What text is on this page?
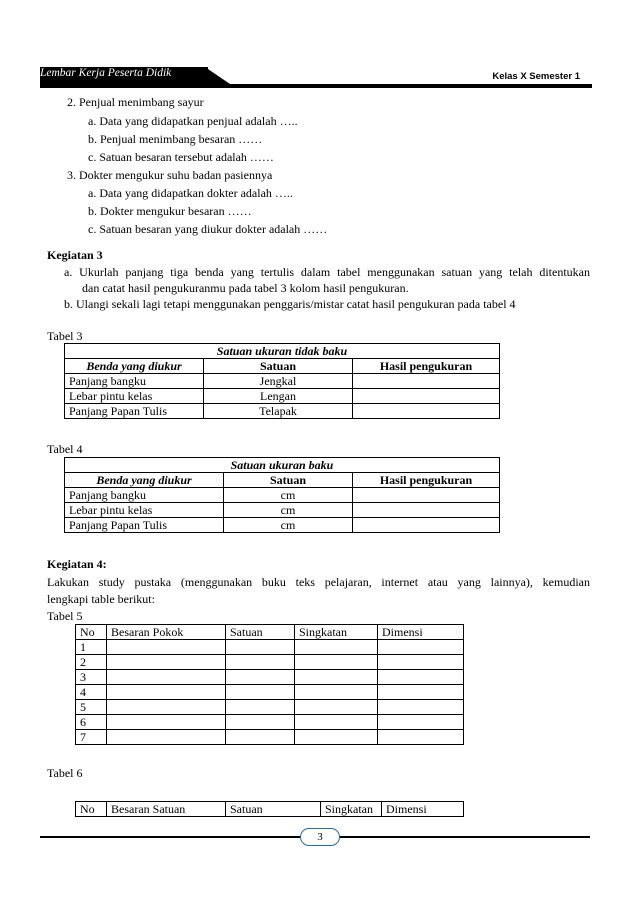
Lembar Kerja Peserta Didik	Kelas X Semester 1
2. Penjual menimbang sayur
a. Data yang didapatkan penjual adalah …..
b. Penjual menimbang besaran ……
c. Satuan besaran tersebut adalah ……
3. Dokter mengukur suhu badan pasiennya
a. Data yang didapatkan dokter adalah …..
b. Dokter mengukur besaran ……
c. Satuan besaran yang diukur dokter adalah ……
Kegiatan 3
a. Ukurlah panjang tiga benda yang tertulis dalam tabel menggunakan satuan yang telah ditentukan
dan catat hasil pengukuranmu pada tabel 3 kolom hasil pengukuran.
b. Ulangi sekali lagi tetapi menggunakan penggaris/mistar catat hasil pengukuran pada tabel 4
Tabel 3
Satuan ukuran tidak baku		
Benda yang diukur	Satuan	Hasil pengukuran
Panjang bangku	Jengkal	
Lebar pintu kelas	Lengan	
Panjang Papan Tulis	Telapak	
Tabel 4
Satuan ukuran baku		
Benda yang diukur	Satuan	Hasil pengukuran
Panjang bangku	cm	
Lebar pintu kelas	cm	
Panjang Papan Tulis	cm	
Kegiatan 4:
Lakukan study pustaka (menggunakan buku teks pelajaran, internet atau yang lainnya), kemudian
lengkapi table berikut:
Tabel 5
No	Besaran Pokok	Satuan	Singkatan	Dimensi
1				
2				
3				
4				
5				
6				
7				
Tabel 6
No	Besaran Satuan	Satuan	Singkatan	Dimensi
3
